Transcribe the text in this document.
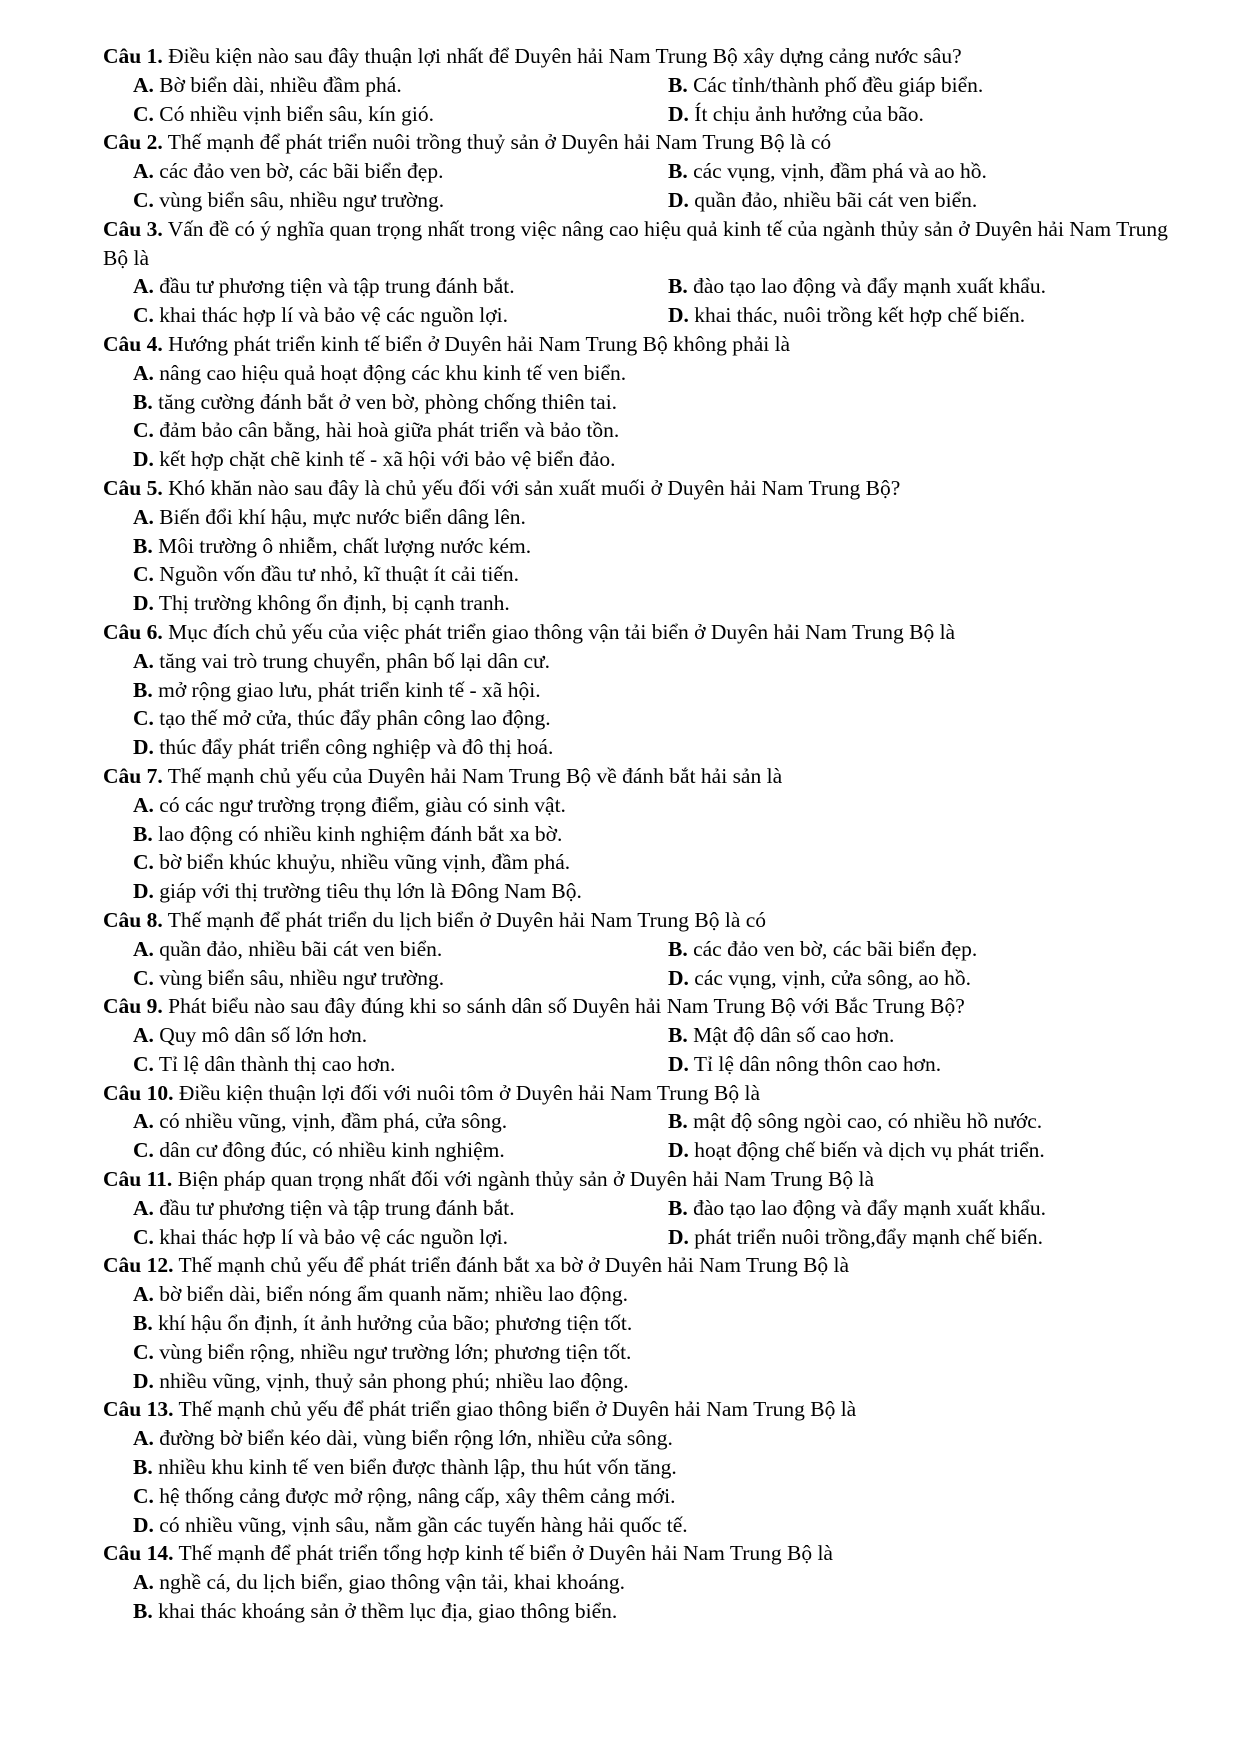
Câu 1. Điều kiện nào sau đây thuận lợi nhất để Duyên hải Nam Trung Bộ xây dựng cảng nước sâu?
A. Bờ biển dài, nhiều đầm phá.	B. Các tỉnh/thành phố đều giáp biển.
C. Có nhiều vịnh biển sâu, kín gió.	D. Ít chịu ảnh hưởng của bão.
Câu 2. Thế mạnh để phát triển nuôi trồng thuỷ sản ở Duyên hải Nam Trung Bộ là có
A. các đảo ven bờ, các bãi biển đẹp.	B. các vụng, vịnh, đầm phá và ao hồ.
C. vùng biển sâu, nhiều ngư trường.	D. quần đảo, nhiều bãi cát ven biển.
Câu 3. Vấn đề có ý nghĩa quan trọng nhất trong việc nâng cao hiệu quả kinh tế của ngành thủy sản ở Duyên hải Nam Trung Bộ là
A. đầu tư phương tiện và tập trung đánh bắt.	B. đào tạo lao động và đẩy mạnh xuất khẩu.
C. khai thác hợp lí và bảo vệ các nguồn lợi.	D. khai thác, nuôi trồng kết hợp chế biến.
Câu 4. Hướng phát triển kinh tế biển ở Duyên hải Nam Trung Bộ không phải là
A. nâng cao hiệu quả hoạt động các khu kinh tế ven biển.
B. tăng cường đánh bắt ở ven bờ, phòng chống thiên tai.
C. đảm bảo cân bằng, hài hoà giữa phát triển và bảo tồn.
D. kết hợp chặt chẽ kinh tế - xã hội với bảo vệ biển đảo.
Câu 5. Khó khăn nào sau đây là chủ yếu đối với sản xuất muối ở Duyên hải Nam Trung Bộ?
A. Biến đổi khí hậu, mực nước biển dâng lên.
B. Môi trường ô nhiễm, chất lượng nước kém.
C. Nguồn vốn đầu tư nhỏ, kĩ thuật ít cải tiến.
D. Thị trường không ổn định, bị cạnh tranh.
Câu 6. Mục đích chủ yếu của việc phát triển giao thông vận tải biển ở Duyên hải Nam Trung Bộ là
A. tăng vai trò trung chuyển, phân bố lại dân cư.
B. mở rộng giao lưu, phát triển kinh tế - xã hội.
C. tạo thế mở cửa, thúc đẩy phân công lao động.
D. thúc đẩy phát triển công nghiệp và đô thị hoá.
Câu 7. Thế mạnh chủ yếu của Duyên hải Nam Trung Bộ về đánh bắt hải sản là
A. có các ngư trường trọng điểm, giàu có sinh vật.
B. lao động có nhiều kinh nghiệm đánh bắt xa bờ.
C. bờ biển khúc khuỷu, nhiều vũng vịnh, đầm phá.
D. giáp với thị trường tiêu thụ lớn là Đông Nam Bộ.
Câu 8. Thế mạnh để phát triển du lịch biển ở Duyên hải Nam Trung Bộ là có
A. quần đảo, nhiều bãi cát ven biển.	B. các đảo ven bờ, các bãi biển đẹp.
C. vùng biển sâu, nhiều ngư trường.	D. các vụng, vịnh, cửa sông, ao hồ.
Câu 9. Phát biểu nào sau đây đúng khi so sánh dân số Duyên hải Nam Trung Bộ với Bắc Trung Bộ?
A. Quy mô dân số lớn hơn.	B. Mật độ dân số cao hơn.
C. Tỉ lệ dân thành thị cao hơn.	D. Tỉ lệ dân nông thôn cao hơn.
Câu 10. Điều kiện thuận lợi đối với nuôi tôm ở Duyên hải Nam Trung Bộ là
A. có nhiều vũng, vịnh, đầm phá, cửa sông.	B. mật độ sông ngòi cao, có nhiều hồ nước.
C. dân cư đông đúc, có nhiều kinh nghiệm.	D. hoạt động chế biến và dịch vụ phát triển.
Câu 11. Biện pháp quan trọng nhất đối với ngành thủy sản ở Duyên hải Nam Trung Bộ là
A. đầu tư phương tiện và tập trung đánh bắt.	B. đào tạo lao động và đẩy mạnh xuất khẩu.
C. khai thác hợp lí và bảo vệ các nguồn lợi.	D. phát triển nuôi trồng,đẩy mạnh chế biến.
Câu 12. Thế mạnh chủ yếu để phát triển đánh bắt xa bờ ở Duyên hải Nam Trung Bộ là
A. bờ biển dài, biển nóng ẩm quanh năm; nhiều lao động.
B. khí hậu ổn định, ít ảnh hưởng của bão; phương tiện tốt.
C. vùng biển rộng, nhiều ngư trường lớn; phương tiện tốt.
D. nhiều vũng, vịnh, thuỷ sản phong phú; nhiều lao động.
Câu 13. Thế mạnh chủ yếu để phát triển giao thông biển ở Duyên hải Nam Trung Bộ là
A. đường bờ biển kéo dài, vùng biển rộng lớn, nhiều cửa sông.
B. nhiều khu kinh tế ven biển được thành lập, thu hút vốn tăng.
C. hệ thống cảng được mở rộng, nâng cấp, xây thêm cảng mới.
D. có nhiều vũng, vịnh sâu, nằm gần các tuyến hàng hải quốc tế.
Câu 14. Thế mạnh để phát triển tổng hợp kinh tế biển ở Duyên hải Nam Trung Bộ là
A. nghề cá, du lịch biển, giao thông vận tải, khai khoáng.
B. khai thác khoáng sản ở thềm lục địa, giao thông biển.
